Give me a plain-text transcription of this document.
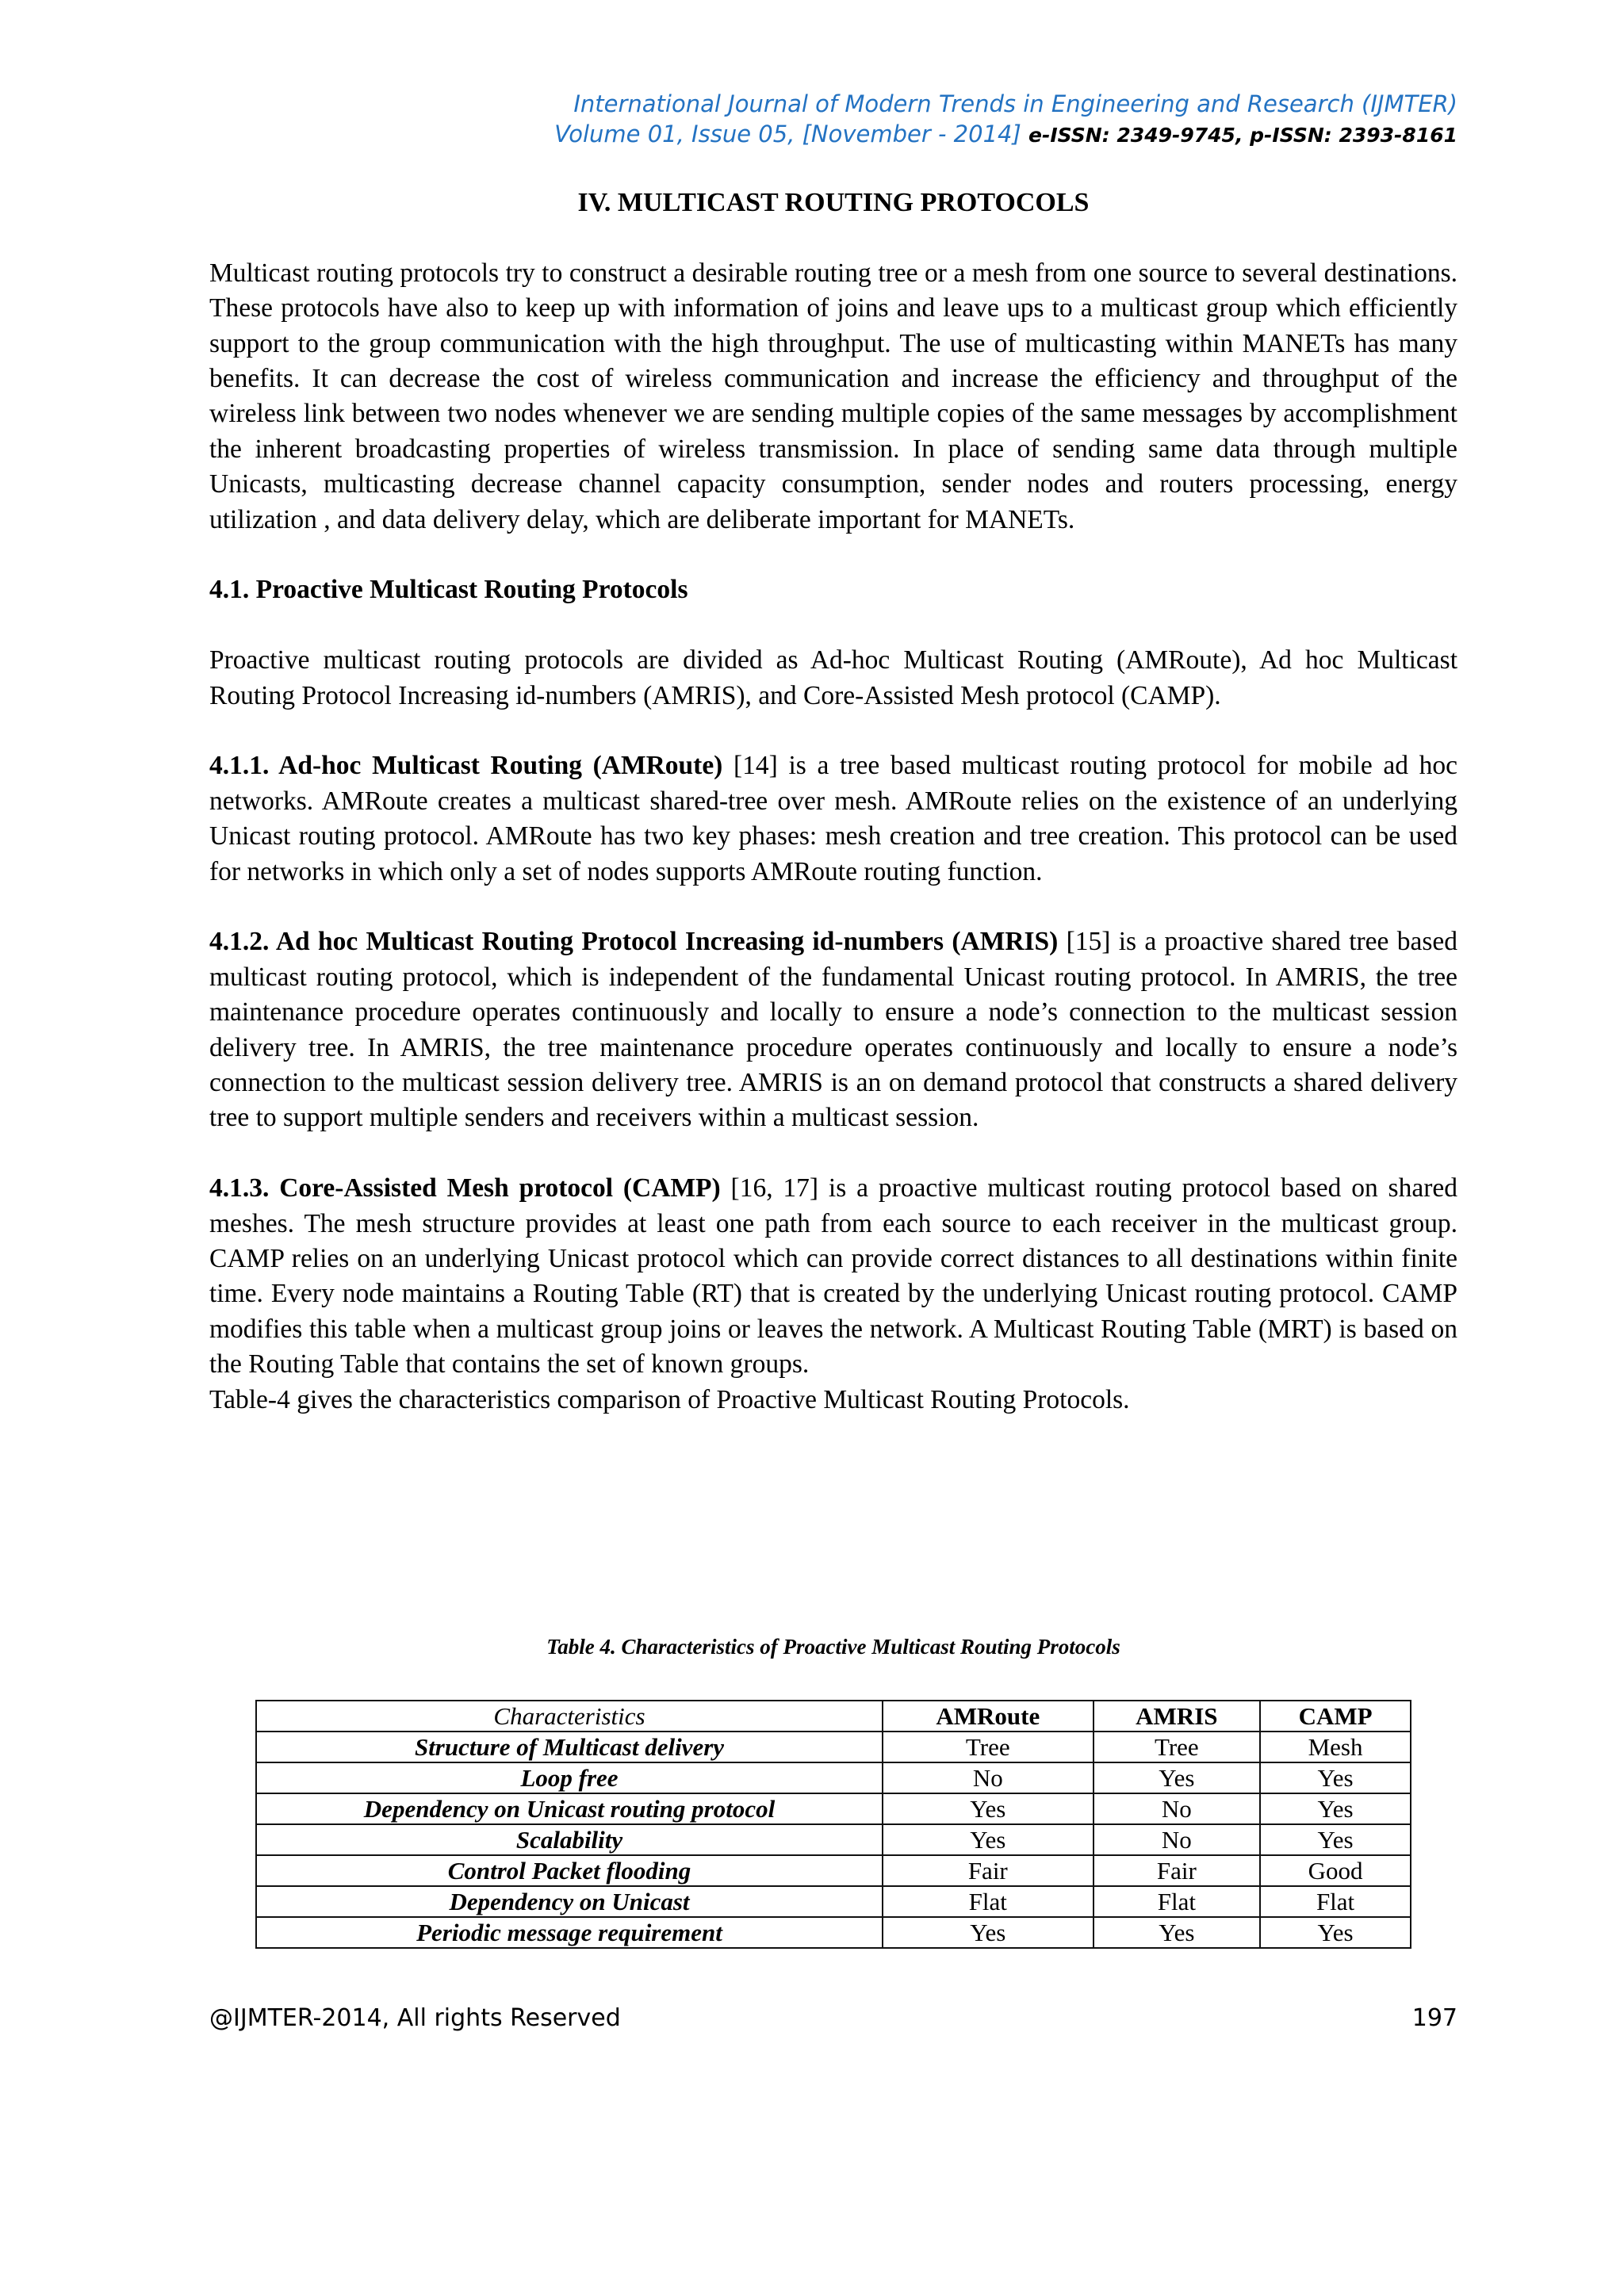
International Journal of Modern Trends in Engineering and Research (IJMTER)
Volume 01, Issue 05, [November - 2014] e-ISSN: 2349-9745, p-ISSN: 2393-8161
IV. MULTICAST ROUTING PROTOCOLS

Multicast routing protocols try to construct a desirable routing tree or a mesh from one source to several destinations. These protocols have also to keep up with information of joins and leave ups to a multicast group which efficiently support to the group communication with the high throughput. The use of multicasting within MANETs has many benefits. It can decrease the cost of wireless communication and increase the efficiency and throughput of the wireless link between two nodes whenever we are sending multiple copies of the same messages by accomplishment the inherent broadcasting properties of wireless transmission. In place of sending same data through multiple Unicasts, multicasting decrease channel capacity consumption, sender nodes and routers processing, energy utilization , and data delivery delay, which are deliberate important for MANETs.

4.1. Proactive Multicast Routing Protocols

Proactive multicast routing protocols are divided as Ad-hoc Multicast Routing (AMRoute), Ad hoc Multicast Routing Protocol Increasing id-numbers (AMRIS), and Core-Assisted Mesh protocol (CAMP).

4.1.1. Ad-hoc Multicast Routing (AMRoute) [14] is a tree based multicast routing protocol for mobile ad hoc networks. AMRoute creates a multicast shared-tree over mesh. AMRoute relies on the existence of an underlying Unicast routing protocol. AMRoute has two key phases: mesh creation and tree creation. This protocol can be used for networks in which only a set of nodes supports AMRoute routing function.

4.1.2. Ad hoc Multicast Routing Protocol Increasing id-numbers (AMRIS) [15] is a proactive shared tree based multicast routing protocol, which is independent of the fundamental Unicast routing protocol. In AMRIS, the tree maintenance procedure operates continuously and locally to ensure a node’s connection to the multicast session delivery tree. In AMRIS, the tree maintenance procedure operates continuously and locally to ensure a node’s connection to the multicast session delivery tree. AMRIS is an on demand protocol that constructs a shared delivery tree to support multiple senders and receivers within a multicast session.

4.1.3. Core-Assisted Mesh protocol (CAMP) [16, 17] is a proactive multicast routing protocol based on shared meshes. The mesh structure provides at least one path from each source to each receiver in the multicast group. CAMP relies on an underlying Unicast protocol which can provide correct distances to all destinations within finite time. Every node maintains a Routing Table (RT) that is created by the underlying Unicast routing protocol. CAMP modifies this table when a multicast group joins or leaves the network. A Multicast Routing Table (MRT) is based on the Routing Table that contains the set of known groups.

Table-4 gives the characteristics comparison of Proactive Multicast Routing Protocols.

Table 4. Characteristics of Proactive Multicast Routing Protocols
Characteristics	AMRoute	AMRIS	CAMP
Structure of Multicast delivery	Tree	Tree	Mesh
Loop free	No	Yes	Yes
Dependency on Unicast routing protocol	Yes	No	Yes
Scalability	Yes	No	Yes
Control Packet flooding	Fair	Fair	Good
Dependency on Unicast	Flat	Flat	Flat
Periodic message requirement	Yes	Yes	Yes
@IJMTER-2014, All rights Reserved	197
